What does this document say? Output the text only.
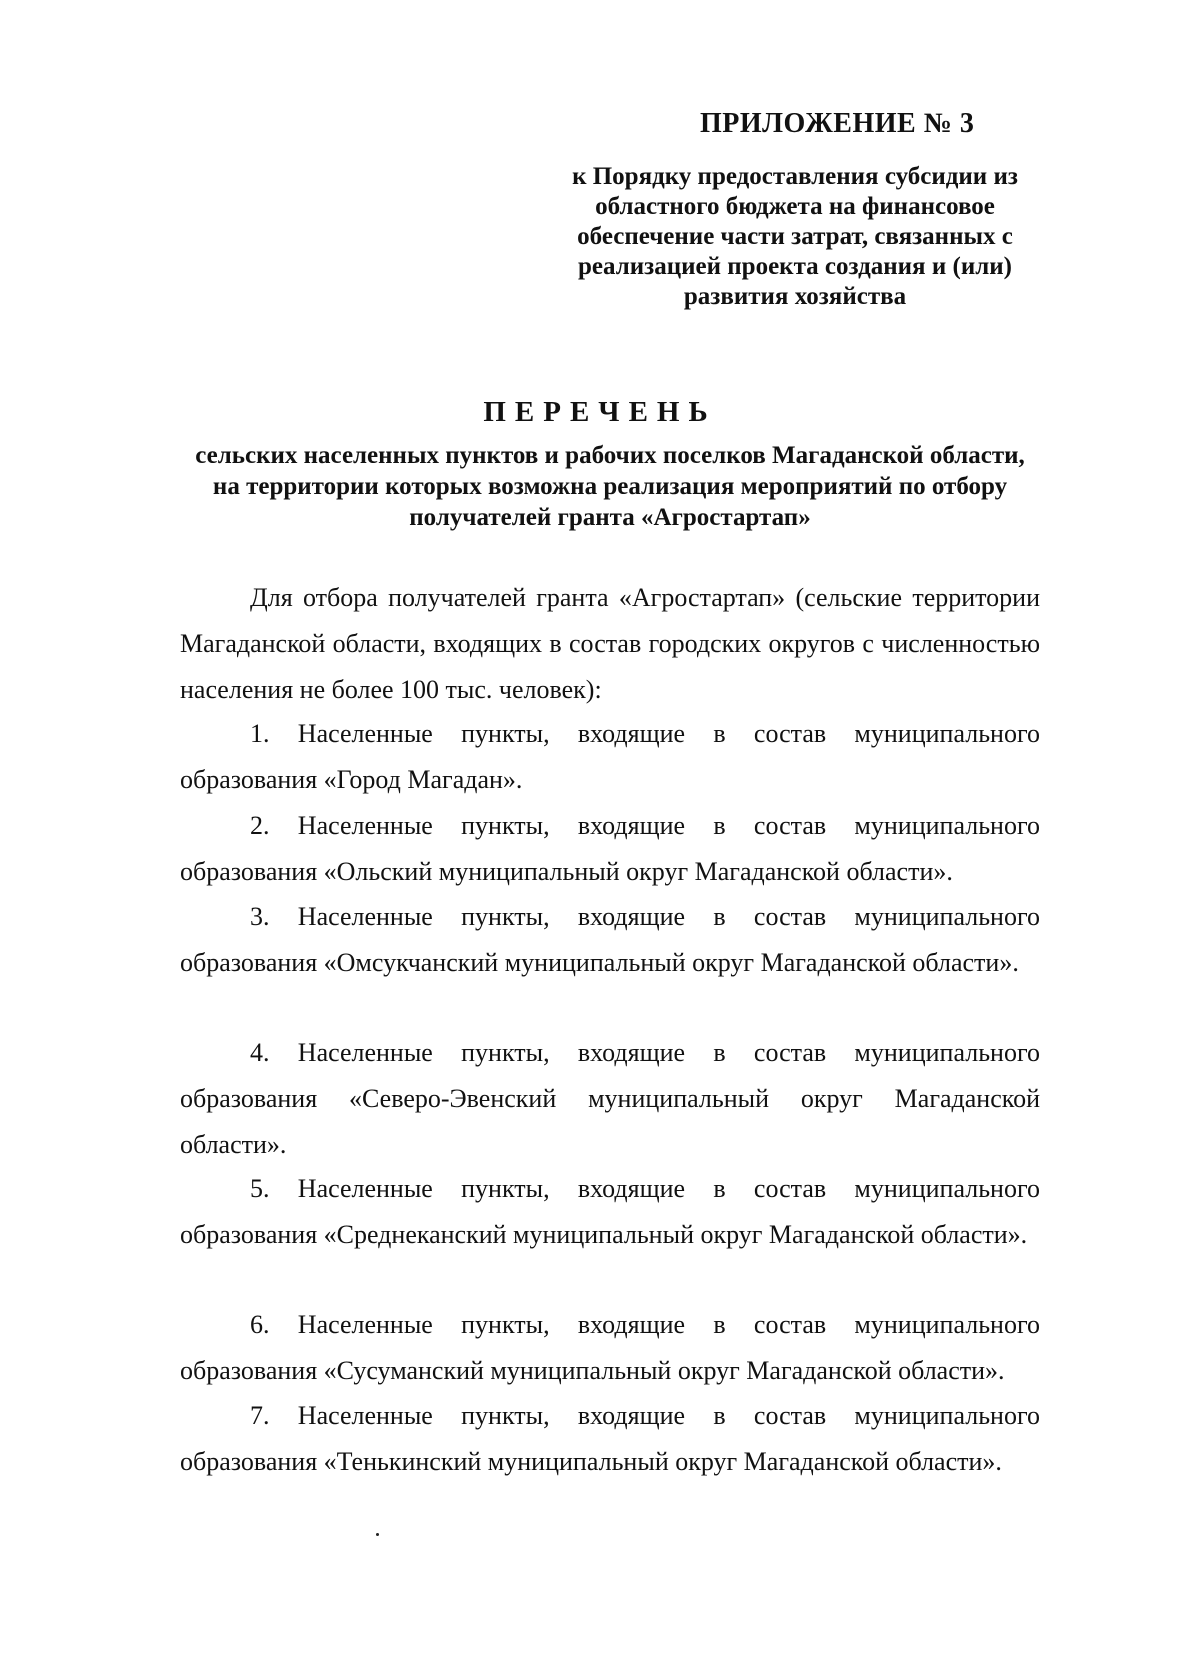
ПРИЛОЖЕНИЕ № 3
к Порядку предоставления субсидии из областного бюджета на финансовое обеспечение части затрат, связанных с реализацией проекта создания и (или) развития хозяйства
ПЕРЕЧЕНЬ
сельских населенных пунктов и рабочих поселков Магаданской области, на территории которых возможна реализация мероприятий по отбору получателей гранта «Агростартап»
Для отбора получателей гранта «Агростартап» (сельские территории Магаданской области, входящих в состав городских округов с численностью населения не более 100 тыс. человек):
1. Населенные пункты, входящие в состав муниципального образования «Город Магадан».
2. Населенные пункты, входящие в состав муниципального образования «Ольский муниципальный округ Магаданской области».
3. Населенные пункты, входящие в состав муниципального образования «Омсукчанский муниципальный округ Магаданской области».
4. Населенные пункты, входящие в состав муниципального образования «Северо-Эвенский муниципальный округ Магаданской области».
5. Населенные пункты, входящие в состав муниципального образования «Среднеканский муниципальный округ Магаданской области».
6. Населенные пункты, входящие в состав муниципального образования «Сусуманский муниципальный округ Магаданской области».
7. Населенные пункты, входящие в состав муниципального образования «Тенькинский муниципальный округ Магаданской области».
